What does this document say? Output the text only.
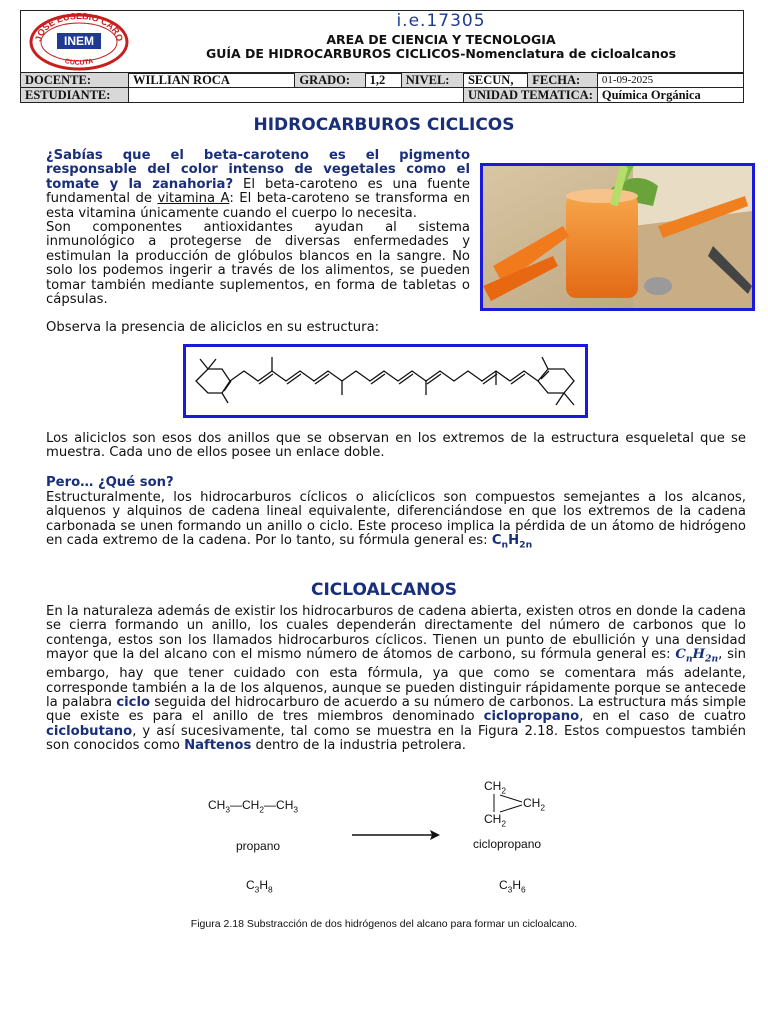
JOSE EUSEBIO CARO
CUCUTA
INEM
i.e.17305
AREA DE CIENCIA Y TECNOLOGIA
GUÍA DE HIDROCARBUROS CICLICOS-Nomenclatura de cicloalcanos
DOCENTE:	WILLIAN ROCA	GRADO:	1,2	NIVEL:	SECUN,	FECHA:	01-09-2025
ESTUDIANTE:					UNIDAD TEMATICA:		Química Orgánica
HIDROCARBUROS CICLICOS
¿Sabías que el beta-caroteno es el pigmento responsable del color intenso de vegetales como el tomate y la zanahoria? El beta-caroteno es una fuente fundamental de vitamina A: El beta-caroteno se transforma en esta vitamina únicamente cuando el cuerpo lo necesita.
Son componentes antioxidantes ayudan al sistema inmunológico a protegerse de diversas enfermedades y estimulan la producción de glóbulos blancos en la sangre. No solo los podemos ingerir a través de los alimentos, se pueden tomar también mediante suplementos, en forma de tabletas o cápsulas.
Observa la presencia de aliciclos en su estructura:
Los aliciclos son esos dos anillos que se observan en los extremos de la estructura esqueletal que se muestra. Cada uno de ellos posee un enlace doble.
Pero… ¿Qué son?
Estructuralmente, los hidrocarburos cíclicos o alicíclicos son compuestos semejantes a los alcanos, alquenos y alquinos de cadena lineal equivalente, diferenciándose en que los extremos de la cadena carbonada se unen formando un anillo o ciclo. Este proceso implica la pérdida de un átomo de hidrógeno en cada extremo de la cadena. Por lo tanto, su fórmula general es: $C_nH_{2n}$
CICLOALCANOS
En la naturaleza además de existir los hidrocarburos de cadena abierta, existen otros en donde la cadena se cierra formando un anillo, los cuales dependerán directamente del número de carbonos que lo contenga, estos son los llamados hidrocarburos cíclicos. Tienen un punto de ebullición y una densidad mayor que la del alcano con el mismo número de átomos de carbono, su fórmula general es: $C_nH_{2n}$, sin embargo, hay que tener cuidado con esta fórmula, ya que como se comentara más adelante, corresponde también a la de los alquenos, aunque se pueden distinguir rápidamente porque se antecede la palabra ciclo seguida del hidrocarburo de acuerdo a su número de carbonos. La estructura más simple que existe es para el anillo de tres miembros denominado ciclopropano, en el caso de cuatro ciclobutano, y así sucesivamente, tal como se muestra en la Figura 2.18. Estos compuestos también son conocidos como Naftenos dentro de la industria petrolera.
$CH_3—CH_2—CH_3$
propano
$C_3H_8$
$CH_2$
$CH_2$
$CH_2$
ciclopropano
$C_3H_6$
Figura 2.18 Substracción de dos hidrógenos del alcano para formar un cicloalcano.
